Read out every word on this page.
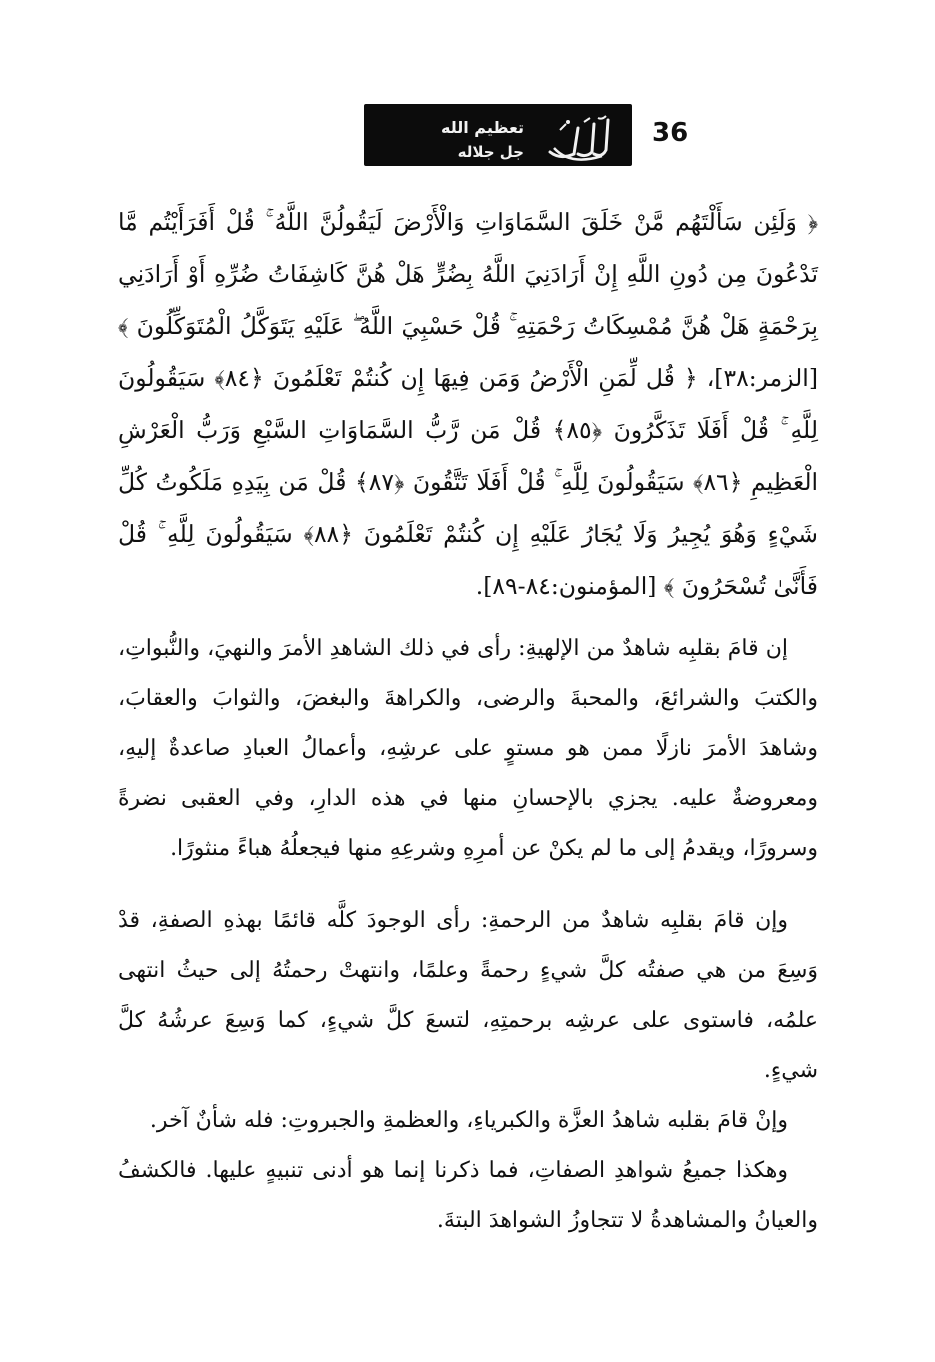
تعظيم الله
جل جلاله
36

﴿ وَلَئِن سَأَلْتَهُم مَّنْ خَلَقَ السَّمَاوَاتِ وَالْأَرْضَ لَيَقُولُنَّ اللَّهُ ۚ قُلْ أَفَرَأَيْتُم مَّا تَدْعُونَ مِن دُونِ اللَّهِ إِنْ أَرَادَنِيَ اللَّهُ بِضُرٍّ هَلْ هُنَّ كَاشِفَاتُ ضُرِّهِ أَوْ أَرَادَنِي بِرَحْمَةٍ هَلْ هُنَّ مُمْسِكَاتُ رَحْمَتِهِ ۚ قُلْ حَسْبِيَ اللَّهُ ۖ عَلَيْهِ يَتَوَكَّلُ الْمُتَوَكِّلُونَ ﴾ [الزمر:٣٨]، ﴿ قُل لِّمَنِ الْأَرْضُ وَمَن فِيهَا إِن كُنتُمْ تَعْلَمُونَ ﴿٨٤﴾ سَيَقُولُونَ لِلَّهِ ۚ قُلْ أَفَلَا تَذَكَّرُونَ ﴿٨٥﴾ قُلْ مَن رَّبُّ السَّمَاوَاتِ السَّبْعِ وَرَبُّ الْعَرْشِ الْعَظِيمِ ﴿٨٦﴾ سَيَقُولُونَ لِلَّهِ ۚ قُلْ أَفَلَا تَتَّقُونَ ﴿٨٧﴾ قُلْ مَن بِيَدِهِ مَلَكُوتُ كُلِّ شَيْءٍ وَهُوَ يُجِيرُ وَلَا يُجَارُ عَلَيْهِ إِن كُنتُمْ تَعْلَمُونَ ﴿٨٨﴾ سَيَقُولُونَ لِلَّهِ ۚ قُلْ فَأَنَّىٰ تُسْحَرُونَ ﴾ [المؤمنون:٨٤-٨٩].

إن قامَ بقلبِه شاهدٌ من الإلهيةِ: رأى في ذلك الشاهدِ الأمرَ والنهيَ، والنُّبواتِ، والكتبَ والشرائعَ، والمحبةَ والرضى، والكراهةَ والبغضَ، والثوابَ والعقابَ، وشاهدَ الأمرَ نازلًا ممن هو مستوٍ على عرشِهِ، وأعمالُ العبادِ صاعدةٌ إليهِ، ومعروضةٌ عليه. يجزي بالإحسانِ منها في هذه الدارِ، وفي العقبى نضرةً وسرورًا، ويقدمُ إلى ما لم يكنْ عن أمرِهِ وشرعِهِ منها فيجعلُهُ هباءً منثورًا.

وإن قامَ بقلبِه شاهدٌ من الرحمةِ: رأى الوجودَ كلَّه قائمًا بهذهِ الصفةِ، قدْ وَسِعَ من هي صفتُه كلَّ شيءٍ رحمةً وعلمًا، وانتهتْ رحمتُهُ إلى حيثُ انتهى علمُه، فاستوى على عرشِه برحمتِهِ، لتسعَ كلَّ شيءٍ، كما وَسِعَ عرشُهُ كلَّ شيءٍ.

وإنْ قامَ بقلبه شاهدُ العزَّة والكبرياءِ، والعظمةِ والجبروتِ: فله شأنٌ آخر.

وهكذا جميعُ شواهدِ الصفاتِ، فما ذكرنا إنما هو أدنى تنبيهٍ عليها. فالكشفُ والعيانُ والمشاهدةُ لا تتجاوزُ الشواهدَ البتةَ.
